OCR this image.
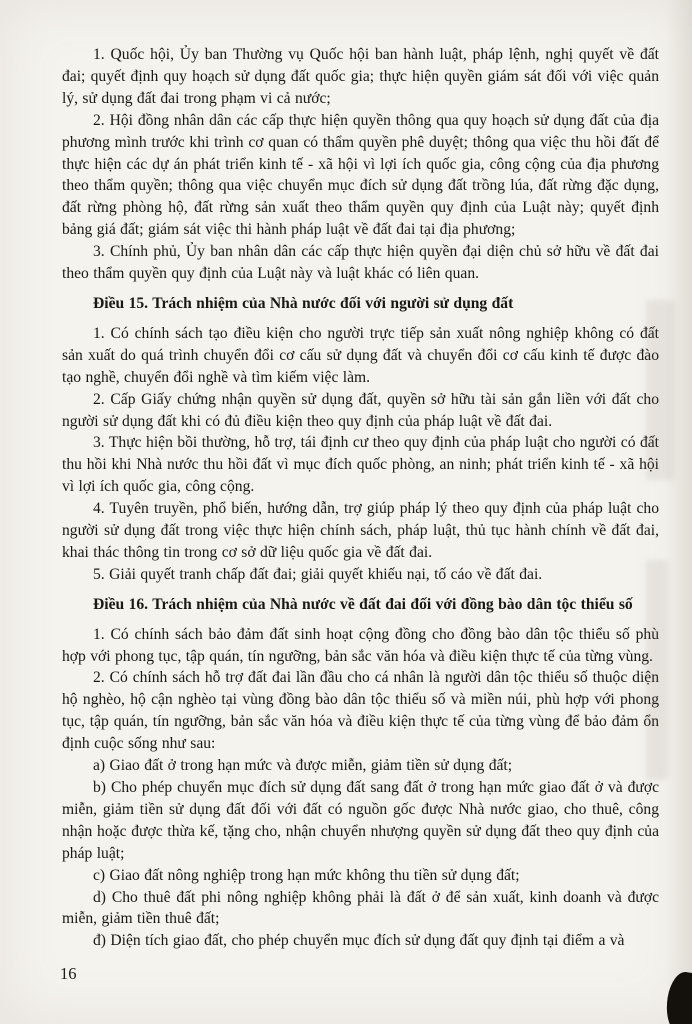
1. Quốc hội, Ủy ban Thường vụ Quốc hội ban hành luật, pháp lệnh, nghị quyết về đất đai; quyết định quy hoạch sử dụng đất quốc gia; thực hiện quyền giám sát đối với việc quản lý, sử dụng đất đai trong phạm vi cả nước;

2. Hội đồng nhân dân các cấp thực hiện quyền thông qua quy hoạch sử dụng đất của địa phương mình trước khi trình cơ quan có thẩm quyền phê duyệt; thông qua việc thu hồi đất để thực hiện các dự án phát triển kinh tế - xã hội vì lợi ích quốc gia, công cộng của địa phương theo thẩm quyền; thông qua việc chuyển mục đích sử dụng đất trồng lúa, đất rừng đặc dụng, đất rừng phòng hộ, đất rừng sản xuất theo thẩm quyền quy định của Luật này; quyết định bảng giá đất; giám sát việc thi hành pháp luật về đất đai tại địa phương;

3. Chính phủ, Ủy ban nhân dân các cấp thực hiện quyền đại diện chủ sở hữu về đất đai theo thẩm quyền quy định của Luật này và luật khác có liên quan.

Điều 15. Trách nhiệm của Nhà nước đối với người sử dụng đất

1. Có chính sách tạo điều kiện cho người trực tiếp sản xuất nông nghiệp không có đất sản xuất do quá trình chuyển đổi cơ cấu sử dụng đất và chuyển đổi cơ cấu kinh tế được đào tạo nghề, chuyển đổi nghề và tìm kiếm việc làm.

2. Cấp Giấy chứng nhận quyền sử dụng đất, quyền sở hữu tài sản gắn liền với đất cho người sử dụng đất khi có đủ điều kiện theo quy định của pháp luật về đất đai.

3. Thực hiện bồi thường, hỗ trợ, tái định cư theo quy định của pháp luật cho người có đất thu hồi khi Nhà nước thu hồi đất vì mục đích quốc phòng, an ninh; phát triển kinh tế - xã hội vì lợi ích quốc gia, công cộng.

4. Tuyên truyền, phổ biến, hướng dẫn, trợ giúp pháp lý theo quy định của pháp luật cho người sử dụng đất trong việc thực hiện chính sách, pháp luật, thủ tục hành chính về đất đai, khai thác thông tin trong cơ sở dữ liệu quốc gia về đất đai.

5. Giải quyết tranh chấp đất đai; giải quyết khiếu nại, tố cáo về đất đai.

Điều 16. Trách nhiệm của Nhà nước về đất đai đối với đồng bào dân tộc thiểu số

1. Có chính sách bảo đảm đất sinh hoạt cộng đồng cho đồng bào dân tộc thiểu số phù hợp với phong tục, tập quán, tín ngưỡng, bản sắc văn hóa và điều kiện thực tế của từng vùng.

2. Có chính sách hỗ trợ đất đai lần đầu cho cá nhân là người dân tộc thiểu số thuộc diện hộ nghèo, hộ cận nghèo tại vùng đồng bào dân tộc thiểu số và miền núi, phù hợp với phong tục, tập quán, tín ngưỡng, bản sắc văn hóa và điều kiện thực tế của từng vùng để bảo đảm ổn định cuộc sống như sau:

a) Giao đất ở trong hạn mức và được miễn, giảm tiền sử dụng đất;

b) Cho phép chuyển mục đích sử dụng đất sang đất ở trong hạn mức giao đất ở và được miễn, giảm tiền sử dụng đất đối với đất có nguồn gốc được Nhà nước giao, cho thuê, công nhận hoặc được thừa kế, tặng cho, nhận chuyển nhượng quyền sử dụng đất theo quy định của pháp luật;

c) Giao đất nông nghiệp trong hạn mức không thu tiền sử dụng đất;

d) Cho thuê đất phi nông nghiệp không phải là đất ở để sản xuất, kinh doanh và được miễn, giảm tiền thuê đất;

đ) Diện tích giao đất, cho phép chuyển mục đích sử dụng đất quy định tại điểm a và

16
